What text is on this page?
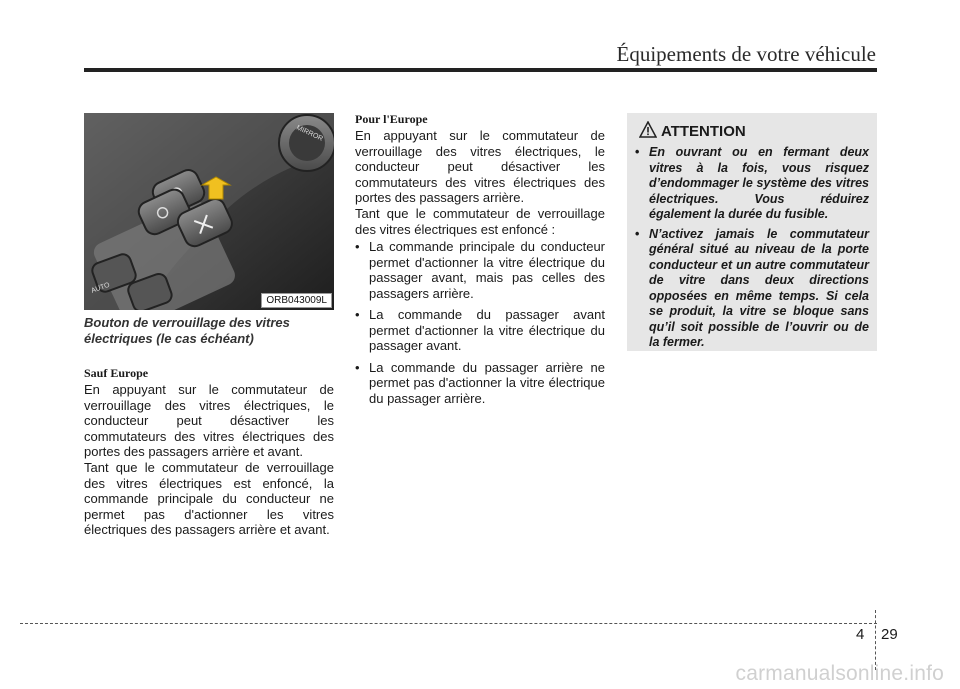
Équipements de votre véhicule
MIRROR
AUTO
ORB043009L
Bouton de verrouillage des vitres électriques (le cas échéant)
Sauf Europe

En appuyant sur le commutateur de verrouillage des vitres électriques, le conducteur peut désactiver les commutateurs des vitres électriques des portes des passagers arrière et avant.

Tant que le commutateur de verrouillage des vitres électriques est enfoncé, la commande principale du conducteur ne permet pas d'actionner les vitres électriques des passagers arrière et avant.

Pour l'Europe

En appuyant sur le commutateur de verrouillage des vitres électriques, le conducteur peut désactiver les commutateurs des vitres électriques des portes des passagers arrière.

Tant que le commutateur de verrouillage des vitres électriques est enfoncé :

• La commande principale du conducteur permet d'actionner la vitre électrique du passager avant, mais pas celles des passagers arrière.
• La commande du passager avant permet d'actionner la vitre électrique du passager avant.
• La commande du passager arrière ne permet pas d'actionner la vitre électrique du passager arrière.
ATTENTION
• En ouvrant ou en fermant deux vitres à la fois, vous risquez d’endommager le système des vitres électriques. Vous réduirez également la durée du fusible.
• N’activez jamais le commutateur général situé au niveau de la porte conducteur et un autre commutateur de vitre dans deux directions opposées en même temps. Si cela se produit, la vitre se bloque sans qu’il soit possible de l’ouvrir ou de la fermer.
4 29
carmanualsonline.info
